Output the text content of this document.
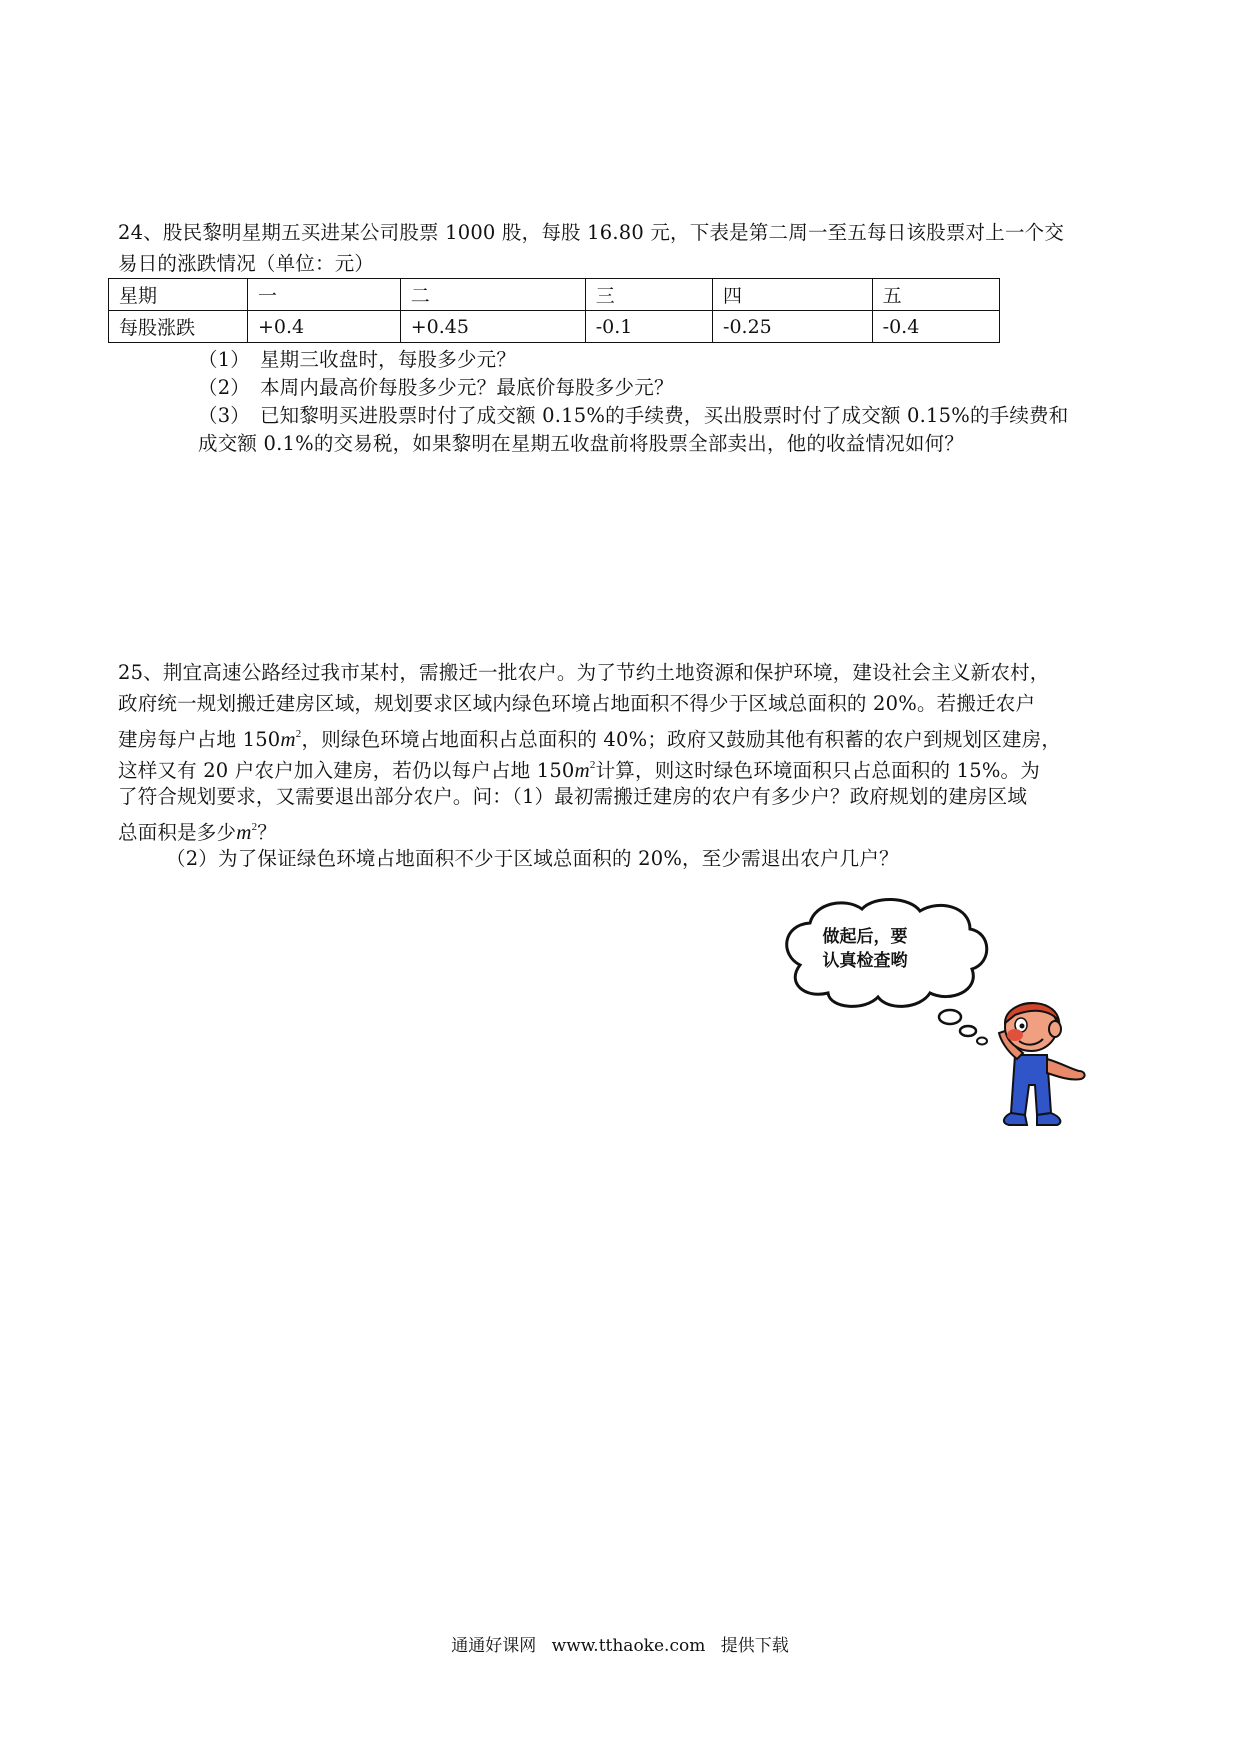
24、股民黎明星期五买进某公司股票 1000 股，每股 16.80 元，下表是第二周一至五每日该股票对上一个交
易日的涨跌情况（单位：元）
星期	一	二	三	四	五
每股涨跌	+0.4	+0.45	-0.1	-0.25	-0.4
（1）　星期三收盘时，每股多少元？
（2）　本周内最高价每股多少元？最底价每股多少元？
（3）　已知黎明买进股票时付了成交额 0.15%的手续费，买出股票时付了成交额 0.15%的手续费和
成交额 0.1%的交易税，如果黎明在星期五收盘前将股票全部卖出，他的收益情况如何？
25、荆宜高速公路经过我市某村，需搬迁一批农户。为了节约土地资源和保护环境，建设社会主义新农村，
政府统一规划搬迁建房区域，规划要求区域内绿色环境占地面积不得少于区域总面积的 20%。若搬迁农户
建房每户占地 $150m^2$，则绿色环境占地面积占总面积的 40%；政府又鼓励其他有积蓄的农户到规划区建房，
这样又有 20 户农户加入建房，若仍以每户占地 $150m^2$计算，则这时绿色环境面积只占总面积的 15%。为
了符合规划要求，又需要退出部分农户。问：（1）最初需搬迁建房的农户有多少户？政府规划的建房区域
总面积是多少$m^2$？
（2）为了保证绿色环境占地面积不少于区域总面积的 20%，至少需退出农户几户？
做起后，要
认真检查哟
通通好课网 www.tthaoke.com 提供下载
